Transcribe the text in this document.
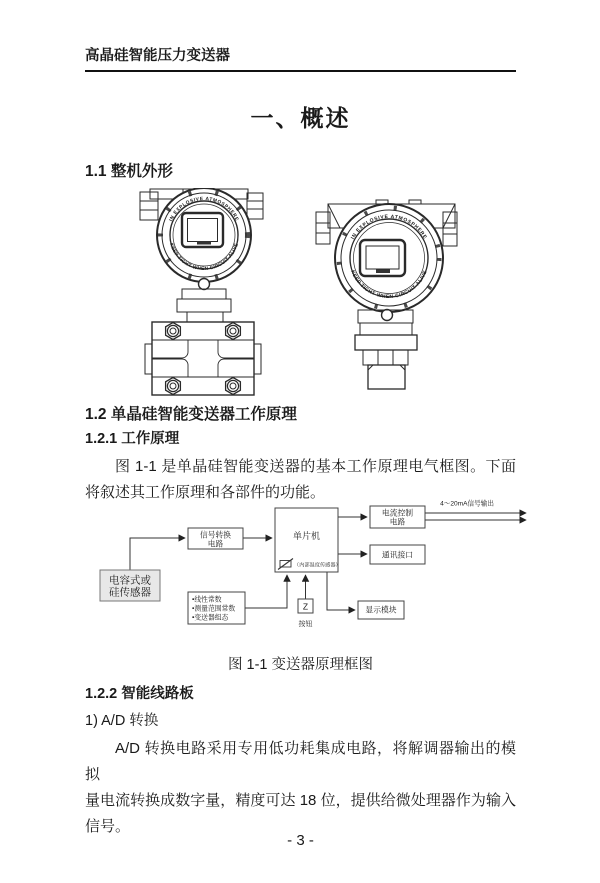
高晶硅智能压力变送器
一、概述
1.1 整机外形
IN EXPLOSIVE ATMOSPHERE
KEEP TIGHT WHEN CIRCUIT ALIVE
IN EXPLOSIVE ATMOSPHERE
KEEP TIGHT WHEN CIRCUIT ALIVE
1.2 单晶硅智能变送器工作原理
1.2.1 工作原理

图 1-1 是单晶硅智能变送器的基本工作原理电气框图。下面

将叙述其工作原理和各部件的功能。

电容式或
硅传感器
信号转换
电路
单片机
（内部温度传感器）
电流控制
电路
4～20mA信号输出
通讯接口
•线性常数
•测量范围常数
•变送器组态
Z
按钮
显示模块

图 1-1 变送器原理框图

1.2.2 智能线路板

1) A/D 转换

A/D 转换电路采用专用低功耗集成电路，将解调器输出的模拟

量电流转换成数字量，精度可达 18 位，提供给微处理器作为输入

信号。

- 3 -
